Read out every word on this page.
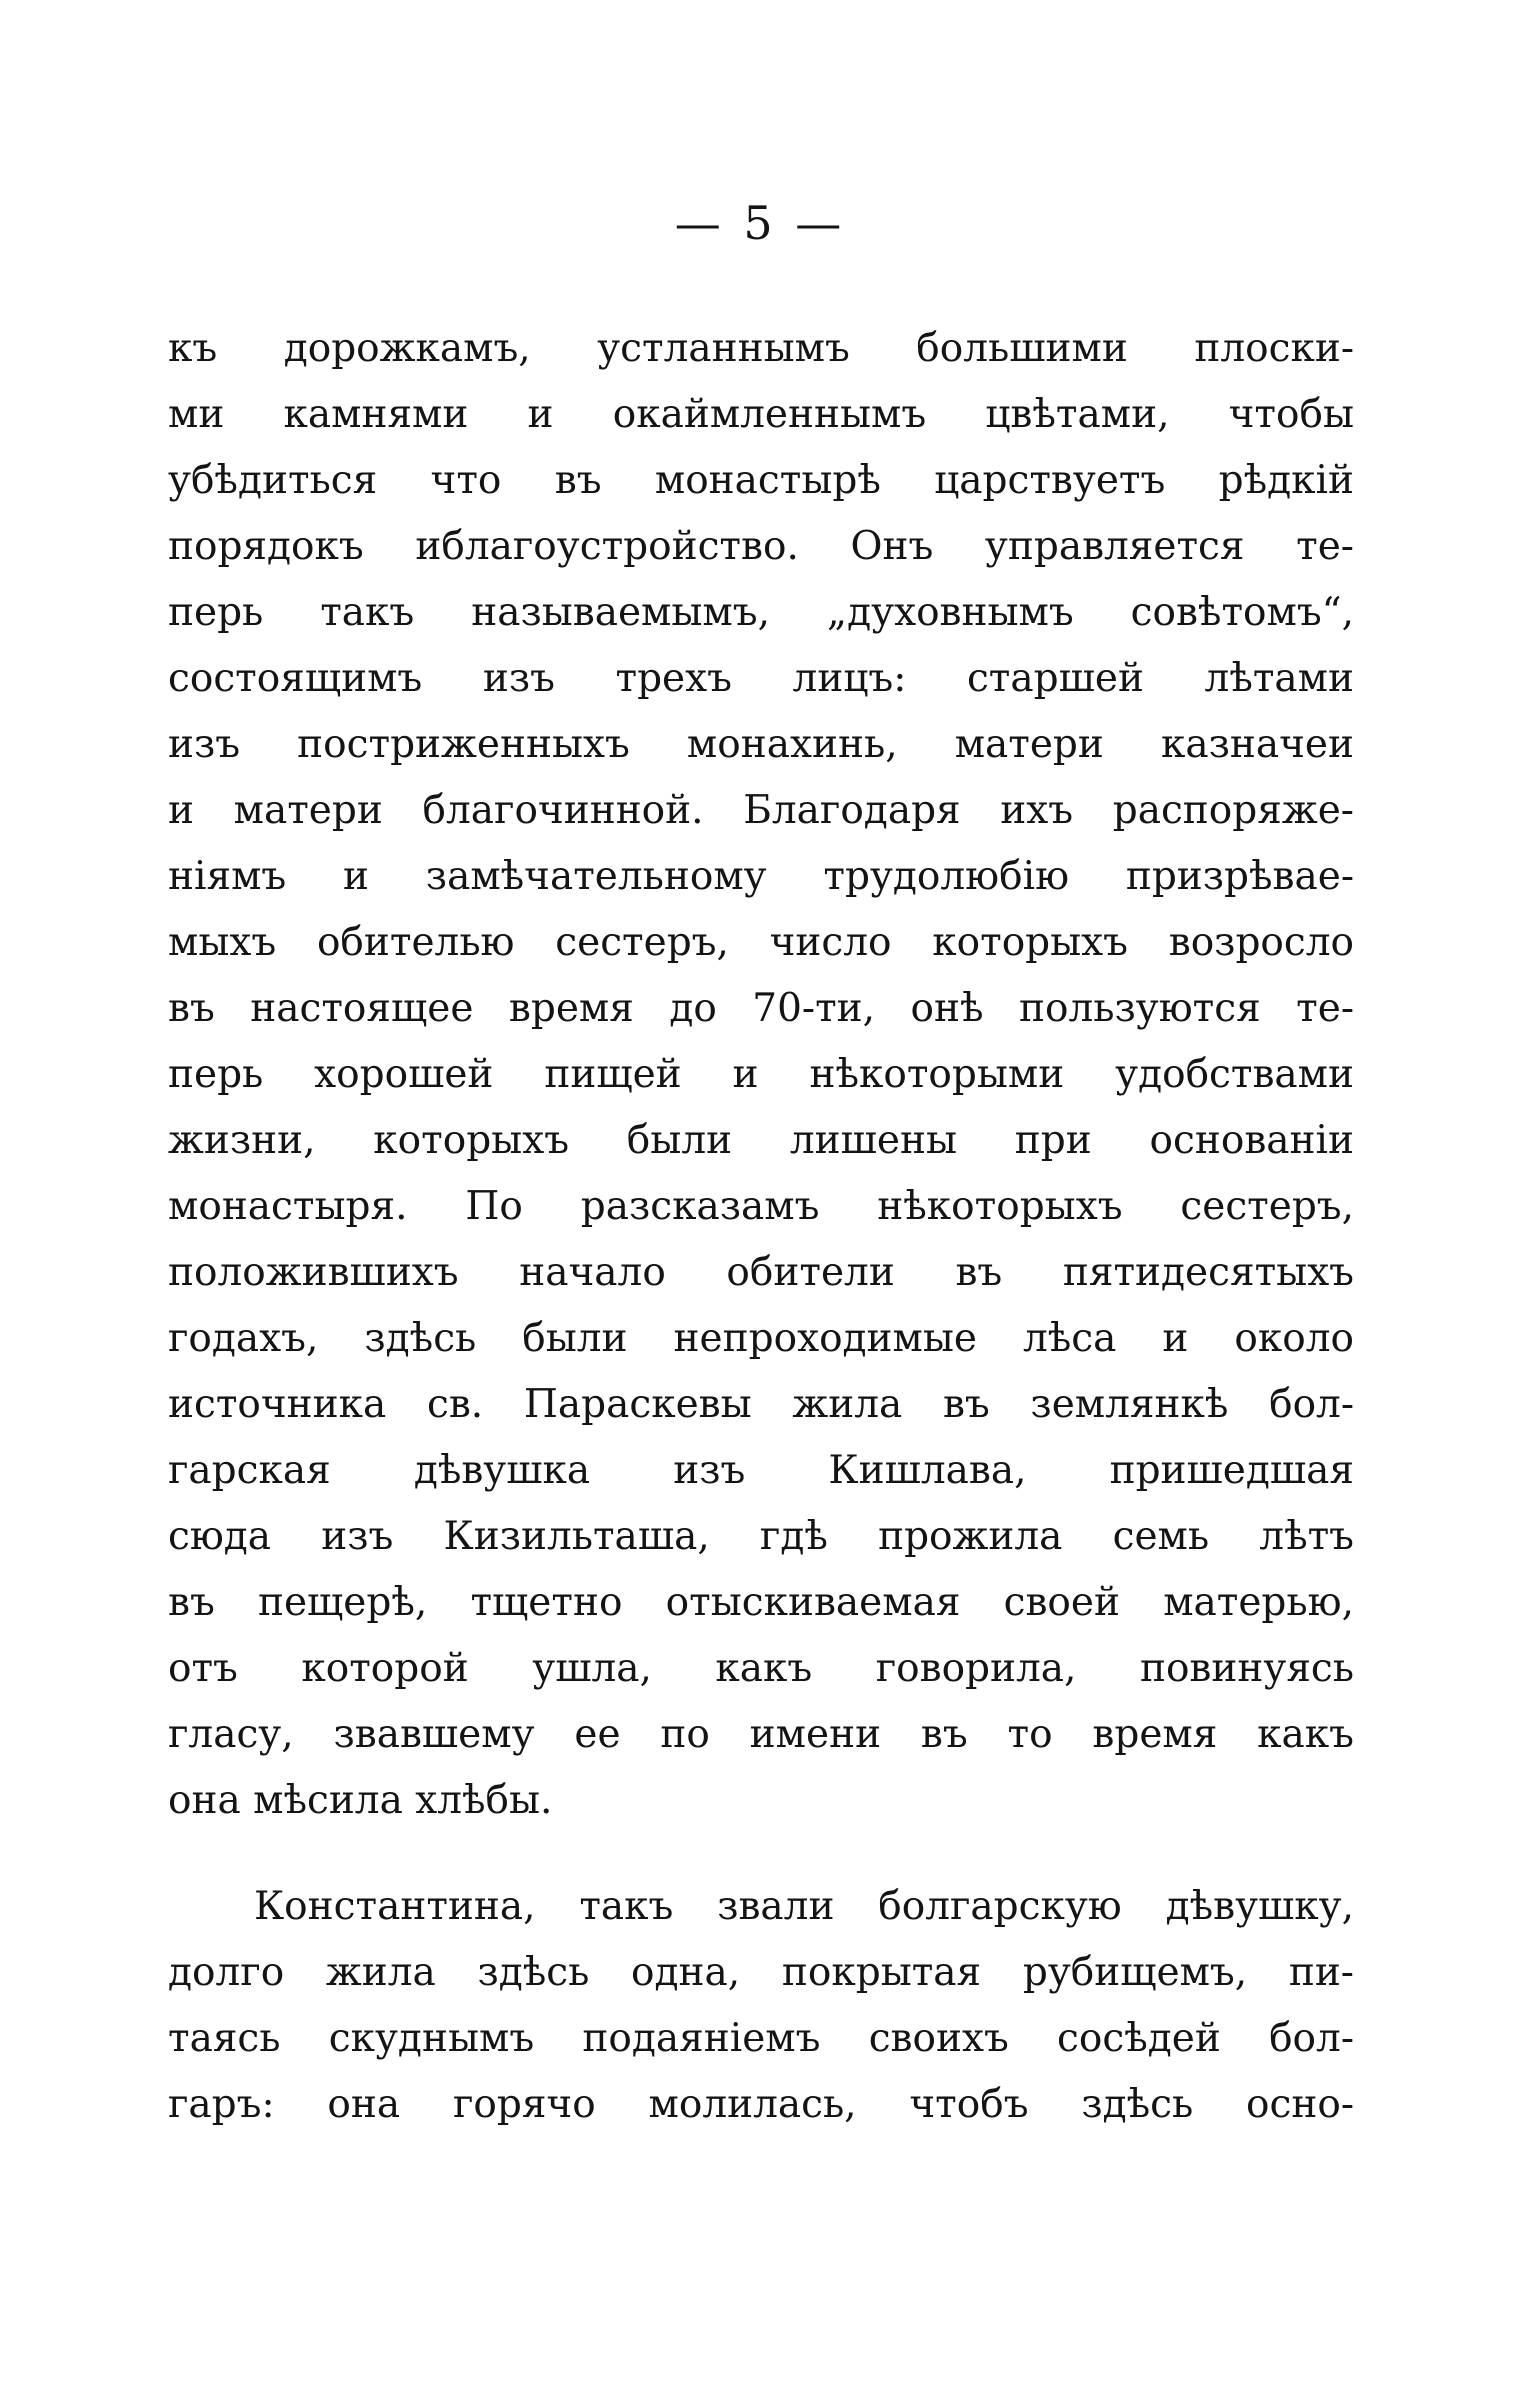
— 5 —
къ дорожкамъ, устланнымъ большими плоски-
ми камнями и окаймленнымъ цвѣтами, чтобы
убѣдиться что въ монастырѣ царствуетъ рѣдкій
порядокъ иблагоустройство. Онъ управляется те-
перь такъ называемымъ, „духовнымъ совѣтомъ“,
состоящимъ изъ трехъ лицъ: старшей лѣтами
изъ постриженныхъ монахинь, матери казначеи
и матери благочинной. Благодаря ихъ распоряже-
ніямъ и замѣчательному трудолюбію призрѣвае-
мыхъ обителью сестеръ, число которыхъ возросло
въ настоящее время до 70-ти, онѣ пользуются те-
перь хорошей пищей и нѣкоторыми удобствами
жизни, которыхъ были лишены при основаніи
монастыря. По разсказамъ нѣкоторыхъ сестеръ,
положившихъ начало обители въ пятидесятыхъ
годахъ, здѣсь были непроходимые лѣса и около
источника св. Параскевы жила въ землянкѣ бол-
гарская дѣвушка изъ Кишлава, пришедшая
сюда изъ Кизильташа, гдѣ прожила семь лѣтъ
въ пещерѣ, тщетно отыскиваемая своей матерью,
отъ которой ушла, какъ говорила, повинуясь
гласу, звавшему ее по имени въ то время какъ
она мѣсила хлѣбы.
Константина, такъ звали болгарскую дѣвушку,
долго жила здѣсь одна, покрытая рубищемъ, пи-
таясь скуднымъ подаяніемъ своихъ сосѣдей бол-
гаръ: она горячо молилась, чтобъ здѣсь осно-
